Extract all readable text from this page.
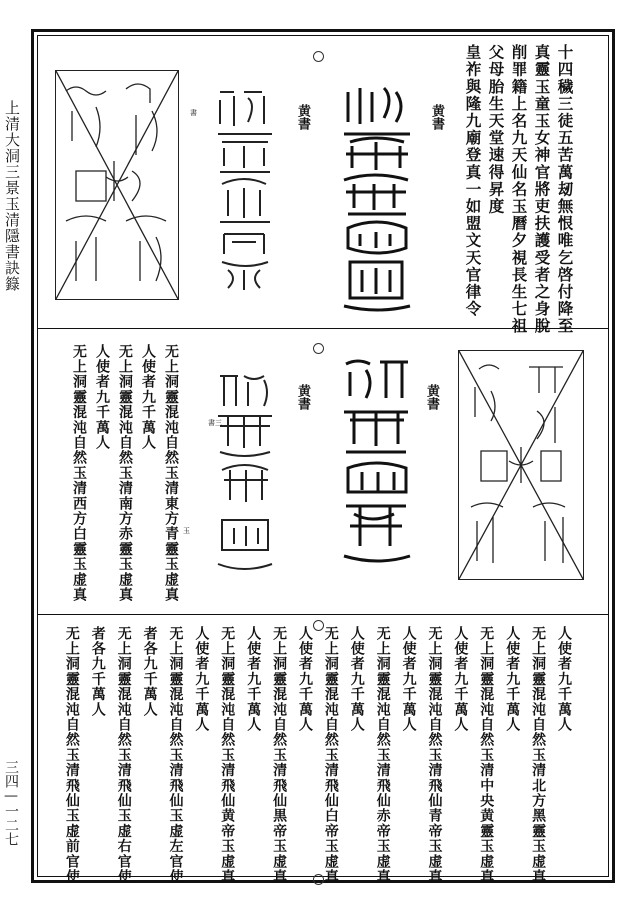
上清大洞三景玉清隱書訣籙
三四—一二七
十四穢三徒五苦萬刼無恨唯乞啓付降至
真靈玉童玉女神官將吏扶護受者之身脫
削罪籍上名九天仙名玉曆夕視長生七祖
父母胎生天堂速得昇度
皇祚與隆九廟登真一如盟文天官律令
黄書
黄書
書
黄書
黄書
書三
玉
无上洞靈混沌自然玉清東方青靈玉虚真
人使者九千萬人
无上洞靈混沌自然玉清南方赤靈玉虚真
人使者九千萬人
无上洞靈混沌自然玉清西方白靈玉虚真
人使者九千萬人
无上洞靈混沌自然玉清北方黑靈玉虚真
人使者九千萬人
无上洞靈混沌自然玉清中央黄靈玉虚真
人使者九千萬人
无上洞靈混沌自然玉清飛仙青帝玉虚真
人使者九千萬人
无上洞靈混沌自然玉清飛仙赤帝玉虚真
人使者九千萬人
无上洞靈混沌自然玉清飛仙白帝玉虚真
人使者九千萬人
无上洞靈混沌自然玉清飛仙黒帝玉虚真
人使者九千萬人
无上洞靈混沌自然玉清飛仙黄帝玉虚真
人使者九千萬人
无上洞靈混沌自然玉清飛仙玉虚左官使
者各九千萬人
无上洞靈混沌自然玉清飛仙玉虚右官使
者各九千萬人
无上洞靈混沌自然玉清飛仙玉虚前官使
